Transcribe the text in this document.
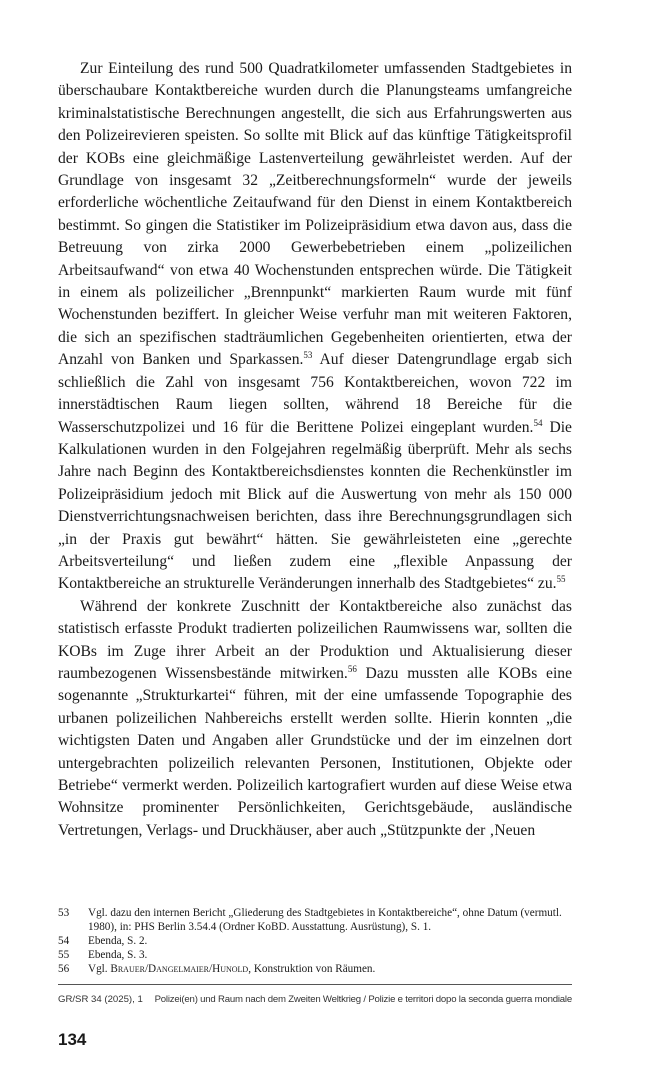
Zur Einteilung des rund 500 Quadratkilometer umfassenden Stadtgebietes in überschaubare Kontaktbereiche wurden durch die Planungsteams umfangreiche kriminalstatistische Berechnungen angestellt, die sich aus Erfahrungswerten aus den Polizeirevieren speisten. So sollte mit Blick auf das künftige Tätigkeitsprofil der KOBs eine gleichmäßige Lastenverteilung gewährleistet werden. Auf der Grundlage von insgesamt 32 „Zeitberechnungsformeln“ wurde der jeweils erforderliche wöchentliche Zeitaufwand für den Dienst in einem Kontaktbereich bestimmt. So gingen die Statistiker im Polizeipräsidium etwa davon aus, dass die Betreuung von zirka 2000 Gewerbebetrieben einem „polizeilichen Arbeitsaufwand“ von etwa 40 Wochenstunden entsprechen würde. Die Tätigkeit in einem als polizeilicher „Brennpunkt“ markierten Raum wurde mit fünf Wochenstunden beziffert. In gleicher Weise verfuhr man mit weiteren Faktoren, die sich an spezifischen stadträumlichen Gegebenheiten orientierten, etwa der Anzahl von Banken und Sparkassen.$^{53}$ Auf dieser Datengrundlage ergab sich schließlich die Zahl von insgesamt 756 Kontaktbereichen, wovon 722 im innerstädtischen Raum liegen sollten, während 18 Bereiche für die Wasserschutzpolizei und 16 für die Berittene Polizei eingeplant wurden.$^{54}$ Die Kalkulationen wurden in den Folgejahren regelmäßig überprüft. Mehr als sechs Jahre nach Beginn des Kontaktbereichsdienstes konnten die Rechenkünstler im Polizeipräsidium jedoch mit Blick auf die Auswertung von mehr als 150 000 Dienstverrichtungsnachweisen berichten, dass ihre Berechnungsgrundlagen sich „in der Praxis gut bewährt“ hätten. Sie gewährleisteten eine „gerechte Arbeitsverteilung“ und ließen zudem eine „flexible Anpassung der Kontaktbereiche an strukturelle Veränderungen innerhalb des Stadtgebietes“ zu.$^{55}$

Während der konkrete Zuschnitt der Kontaktbereiche also zunächst das statistisch erfasste Produkt tradierten polizeilichen Raumwissens war, sollten die KOBs im Zuge ihrer Arbeit an der Produktion und Aktualisierung dieser raumbezogenen Wissensbestände mitwirken.$^{56}$ Dazu mussten alle KOBs eine sogenannte „Strukturkartei“ führen, mit der eine umfassende Topographie des urbanen polizeilichen Nahbereichs erstellt werden sollte. Hierin konnten „die wichtigsten Daten und Angaben aller Grundstücke und der im einzelnen dort untergebrachten polizeilich relevanten Personen, Institutionen, Objekte oder Betriebe“ vermerkt werden. Polizeilich kartografiert wurden auf diese Weise etwa Wohnsitze prominenter Persönlichkeiten, Gerichtsgebäude, ausländische Vertretungen, Verlags- und Druckhäuser, aber auch „Stützpunkte der ‚Neuen

53	Vgl. dazu den internen Bericht „Gliederung des Stadtgebietes in Kontaktbereiche“, ohne Datum (vermutl. 1980), in: PHS Berlin 3.54.4 (Ordner KoBD. Ausstattung. Ausrüstung), S. 1.
54	Ebenda, S. 2.
55	Ebenda, S. 3.
56	Vgl. Brauer/Dangelmaier/Hunold, Konstruktion von Räumen.
GR/SR 34 (2025), 1	Polizei(en) und Raum nach dem Zweiten Weltkrieg / Polizie e territori dopo la seconda guerra mondiale
134
